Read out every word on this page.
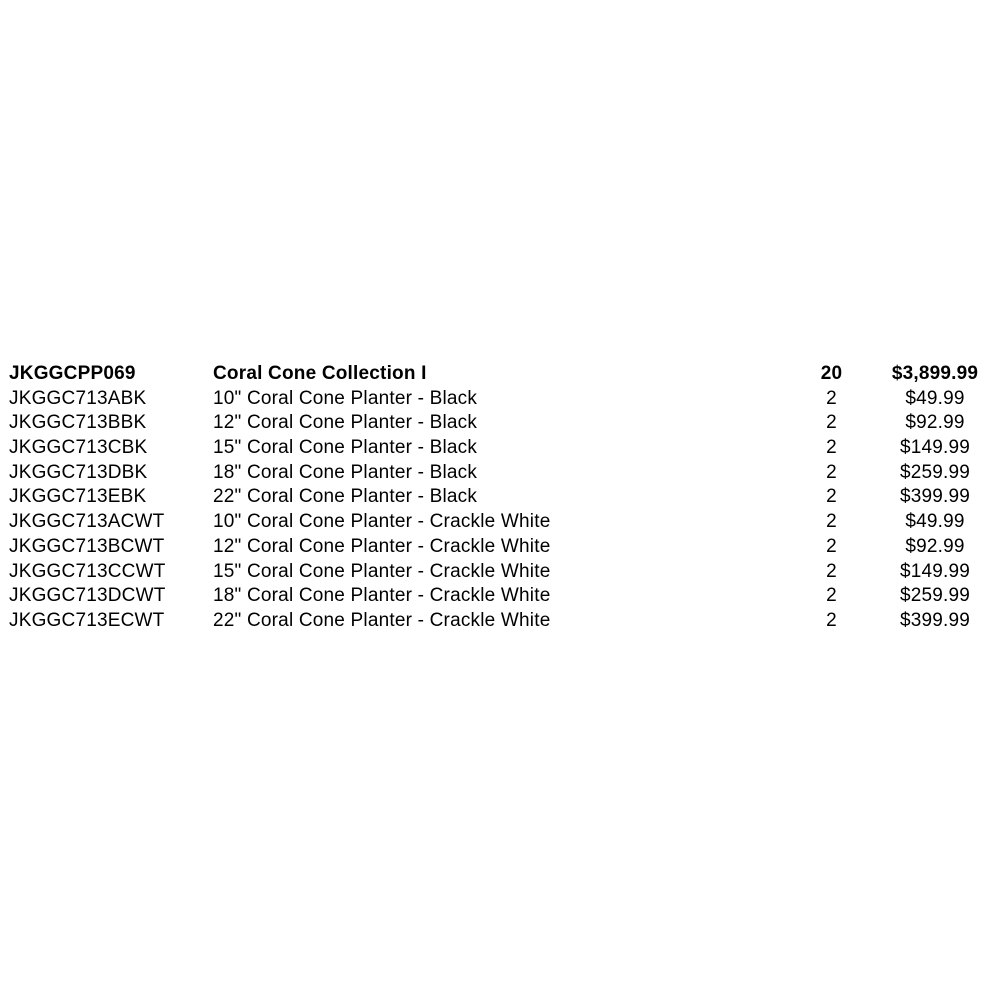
JKGGCPP069	Coral Cone Collection I	20	$3,899.99
JKGGC713ABK	10" Coral Cone Planter - Black	2	$49.99
JKGGC713BBK	12" Coral Cone Planter - Black	2	$92.99
JKGGC713CBK	15" Coral Cone Planter - Black	2	$149.99
JKGGC713DBK	18" Coral Cone Planter - Black	2	$259.99
JKGGC713EBK	22" Coral Cone Planter - Black	2	$399.99
JKGGC713ACWT	10" Coral Cone Planter - Crackle White	2	$49.99
JKGGC713BCWT	12" Coral Cone Planter - Crackle White	2	$92.99
JKGGC713CCWT 15" Coral Cone Planter - Crackle White	2	$149.99
JKGGC713DCWT 18" Coral Cone Planter - Crackle White	2	$259.99
JKGGC713ECWT	22" Coral Cone Planter - Crackle White	2	$399.99
